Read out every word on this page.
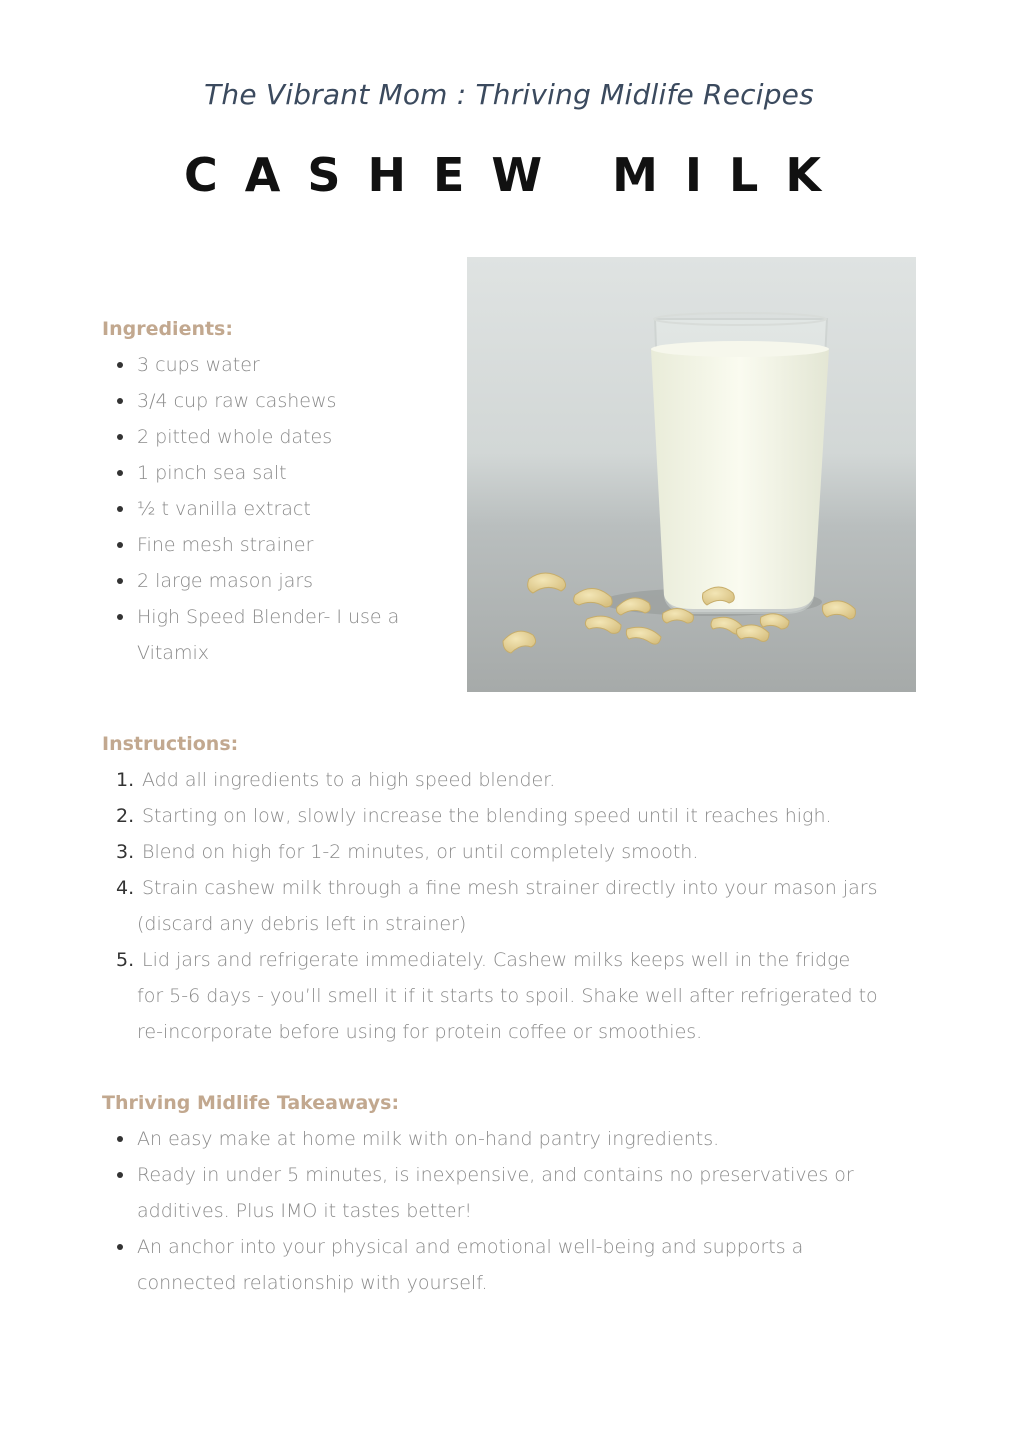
The Vibrant Mom : Thriving Midlife Recipes
CASHEW MILK
Ingredients:
3 cups water
3/4 cup raw cashews
2 pitted whole dates
1 pinch sea salt
½ t vanilla extract
Fine mesh strainer
2 large mason jars
High Speed Blender- I use a
Vitamix
Instructions:
1. Add all ingredients to a high speed blender.
2. Starting on low, slowly increase the blending speed until it reaches high.
3. Blend on high for 1-2 minutes, or until completely smooth.
4. Strain cashew milk through a fine mesh strainer directly into your mason jars
(discard any debris left in strainer)
5. Lid jars and refrigerate immediately. Cashew milks keeps well in the fridge
for 5-6 days - you’ll smell it if it starts to spoil. Shake well after refrigerated to
re-incorporate before using for protein coffee or smoothies.
Thriving Midlife Takeaways:
An easy make at home milk with on-hand pantry ingredients.
Ready in under 5 minutes, is inexpensive, and contains no preservatives or
additives. Plus IMO it tastes better!
An anchor into your physical and emotional well-being and supports a
connected relationship with yourself.
